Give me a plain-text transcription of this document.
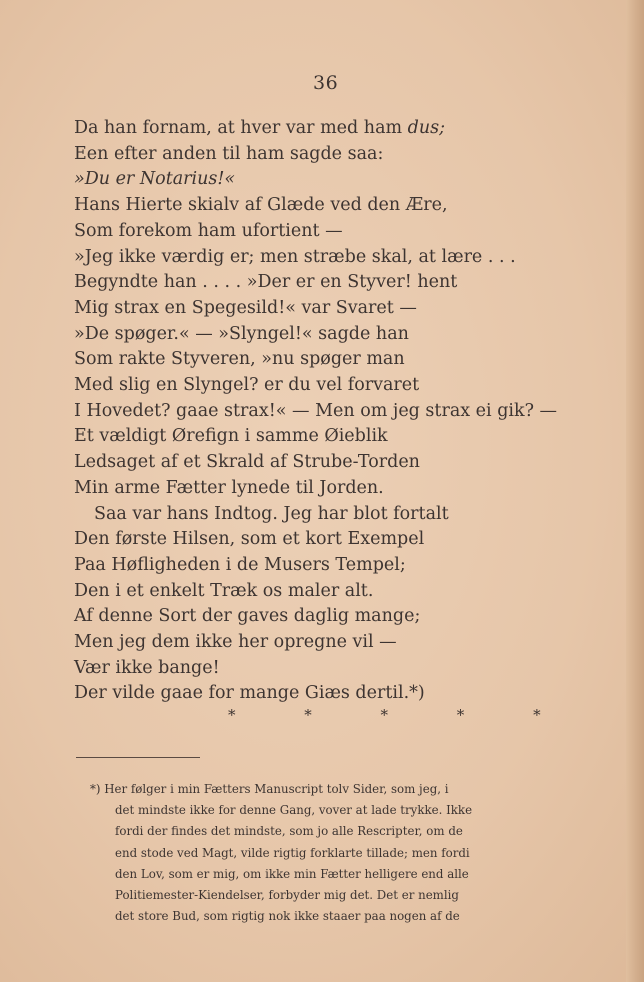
36
Da han fornam, at hver var med ham dus;
Een efter anden til ham sagde saa:
»Du er Notarius!«
Hans Hierte skialv af Glæde ved den Ære,
Som forekom ham ufortient —
»Jeg ikke værdig er; men stræbe skal, at lære . . .
Begyndte han . . . . »Der er en Styver! hent
Mig strax en Spegesild!« var Svaret —
»De spøger.« — »Slyngel!« sagde han
Som rakte Styveren, »nu spøger man
Med slig en Slyngel? er du vel forvaret
I Hovedet? gaae strax!« — Men om jeg strax ei gik? —
Et vældigt Ørefign i samme Øieblik
Ledsaget af et Skrald af Strube-Torden
Min arme Fætter lynede til Jorden.
Saa var hans Indtog. Jeg har blot fortalt
Den første Hilsen, som et kort Exempel
Paa Høfligheden i de Musers Tempel;
Den i et enkelt Træk os maler alt.
Af denne Sort der gaves daglig mange;
Men jeg dem ikke her opregne vil —
Vær ikke bange!
Der vilde gaae for mange Giæs dertil.*)
* * * * *
*) Her følger i min Fætters Manuscript tolv Sider, som jeg, i
det mindste ikke for denne Gang, vover at lade trykke. Ikke
fordi der findes det mindste, som jo alle Rescripter, om de
end stode ved Magt, vilde rigtig forklarte tillade; men fordi
den Lov, som er mig, om ikke min Fætter helligere end alle
Politiemester-Kiendelser, forbyder mig det. Det er nemlig
det store Bud, som rigtig nok ikke staaer paa nogen af de
